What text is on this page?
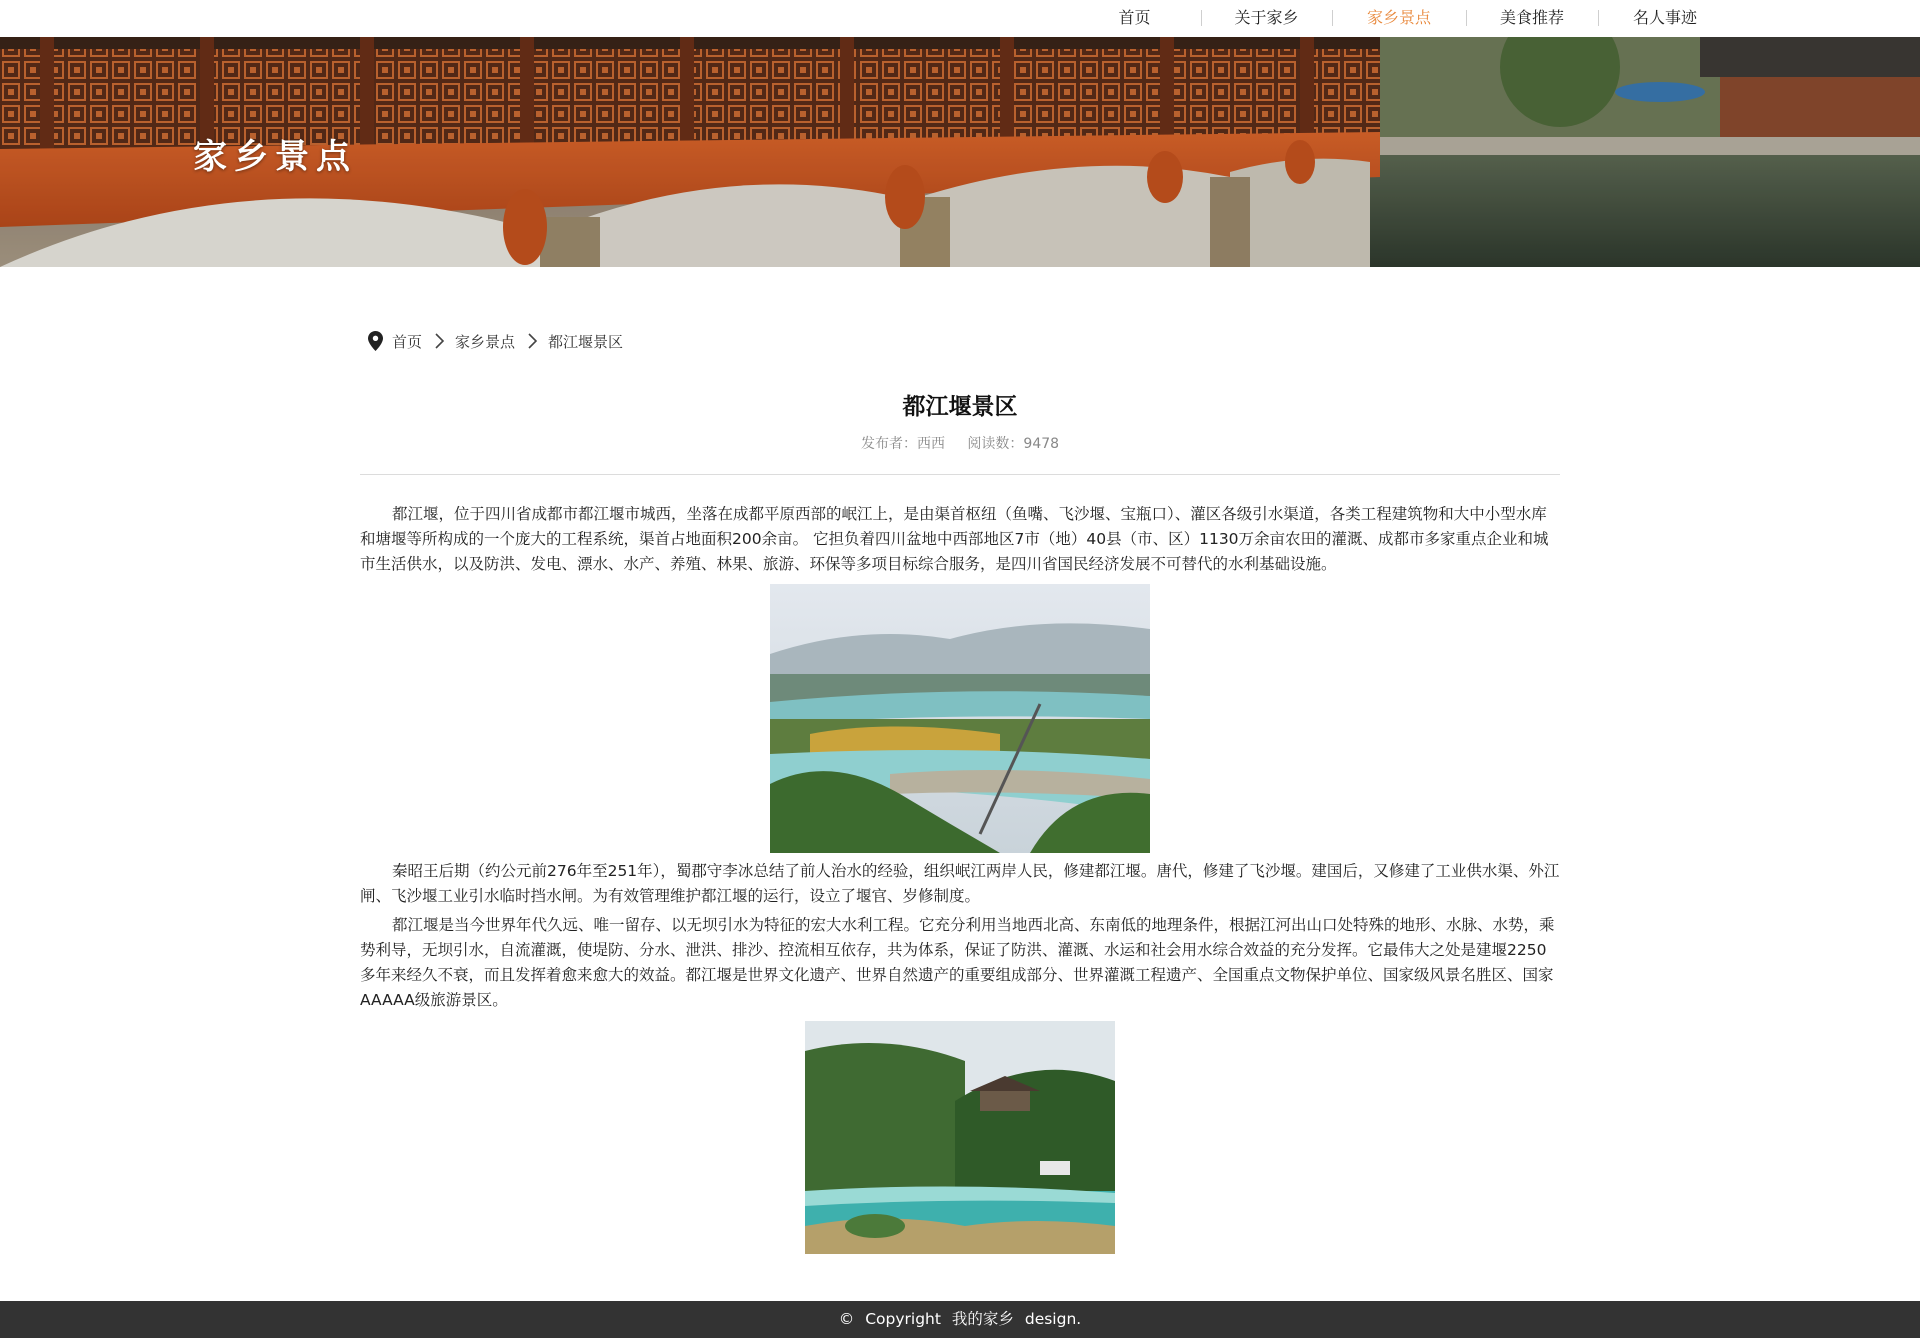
首页	关于家乡	家乡景点	美食推荐	名人事迹
家乡景点
首页 家乡景点 都江堰景区
都江堰景区
发布者：西西 阅读数：9478

都江堰，位于四川省成都市都江堰市城西，坐落在成都平原西部的岷江上，是由渠首枢纽（鱼嘴、飞沙堰、宝瓶口）、灌区各级引水渠道，各类工程建筑物和大中小型水库和塘堰等所构成的一个庞大的工程系统，渠首占地面积200余亩。 它担负着四川盆地中西部地区7市（地）40县（市、区）1130万余亩农田的灌溉、成都市多家重点企业和城市生活供水，以及防洪、发电、漂水、水产、养殖、林果、旅游、环保等多项目标综合服务，是四川省国民经济发展不可替代的水利基础设施。

秦昭王后期（约公元前276年至251年），蜀郡守李冰总结了前人治水的经验，组织岷江两岸人民，修建都江堰。唐代，修建了飞沙堰。建国后，又修建了工业供水渠、外江闸、飞沙堰工业引水临时挡水闸。为有效管理维护都江堰的运行，设立了堰官、岁修制度。

都江堰是当今世界年代久远、唯一留存、以无坝引水为特征的宏大水利工程。它充分利用当地西北高、东南低的地理条件，根据江河出山口处特殊的地形、水脉、水势，乘势利导，无坝引水，自流灌溉，使堤防、分水、泄洪、排沙、控流相互依存，共为体系，保证了防洪、灌溉、水运和社会用水综合效益的充分发挥。它最伟大之处是建堰2250多年来经久不衰，而且发挥着愈来愈大的效益。都江堰是世界文化遗产、世界自然遗产的重要组成部分、世界灌溉工程遗产、全国重点文物保护单位、国家级风景名胜区、国家AAAAA级旅游景区。

© Copyright 我的家乡 design.
